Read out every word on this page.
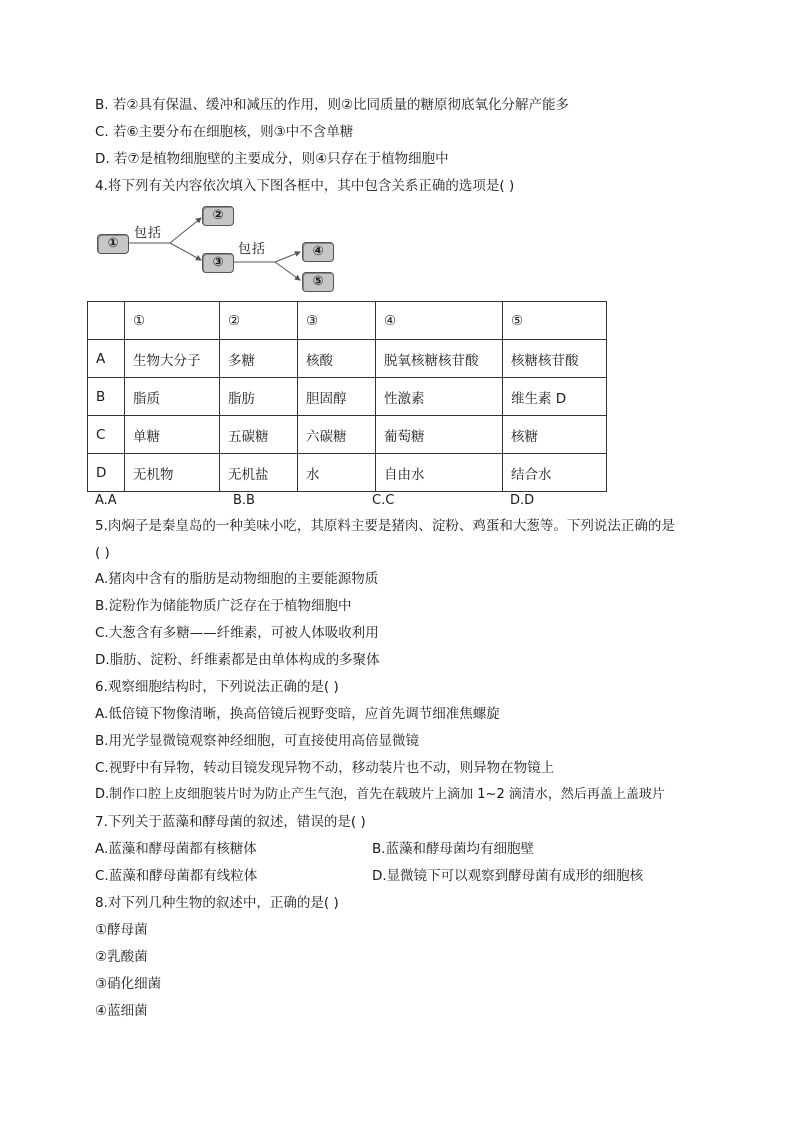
B. 若②具有保温、缓冲和减压的作用，则②比同质量的糖原彻底氧化分解产能多
C. 若⑥主要分布在细胞核，则③中不含单糖
D. 若⑦是植物细胞壁的主要成分，则④只存在于植物细胞中
4.将下列有关内容依次填入下图各框中，其中包含关系正确的选项是( )
①
②
③
④
⑤
包括
包括
	①	②	③	④	⑤
A	生物大分子	多糖	核酸	脱氧核糖核苷酸	核糖核苷酸
B	脂质	脂肪	胆固醇	性激素	维生素 D
C	单糖	五碳糖	六碳糖	葡萄糖	核糖
D	无机物	无机盐	水	自由水	结合水
A.A	B.B	C.C	D.D
5.肉焖子是秦皇岛的一种美味小吃，其原料主要是猪肉、淀粉、鸡蛋和大葱等。下列说法正确的是
( )
A.猪肉中含有的脂肪是动物细胞的主要能源物质
B.淀粉作为储能物质广泛存在于植物细胞中
C.大葱含有多糖——纤维素，可被人体吸收利用
D.脂肪、淀粉、纤维素都是由单体构成的多聚体
6.观察细胞结构时，下列说法正确的是( )
A.低倍镜下物像清晰，换高倍镜后视野变暗，应首先调节细准焦螺旋
B.用光学显微镜观察神经细胞，可直接使用高倍显微镜
C.视野中有异物，转动目镜发现异物不动，移动装片也不动，则异物在物镜上
D.制作口腔上皮细胞装片时为防止产生气泡，首先在载玻片上滴加 1~2 滴清水，然后再盖上盖玻片
7.下列关于蓝藻和酵母菌的叙述，错误的是( )
A.蓝藻和酵母菌都有核糖体	B.蓝藻和酵母菌均有细胞壁
C.蓝藻和酵母菌都有线粒体	D.显微镜下可以观察到酵母菌有成形的细胞核
8.对下列几种生物的叙述中，正确的是( )
①酵母菌
②乳酸菌
③硝化细菌
④蓝细菌
